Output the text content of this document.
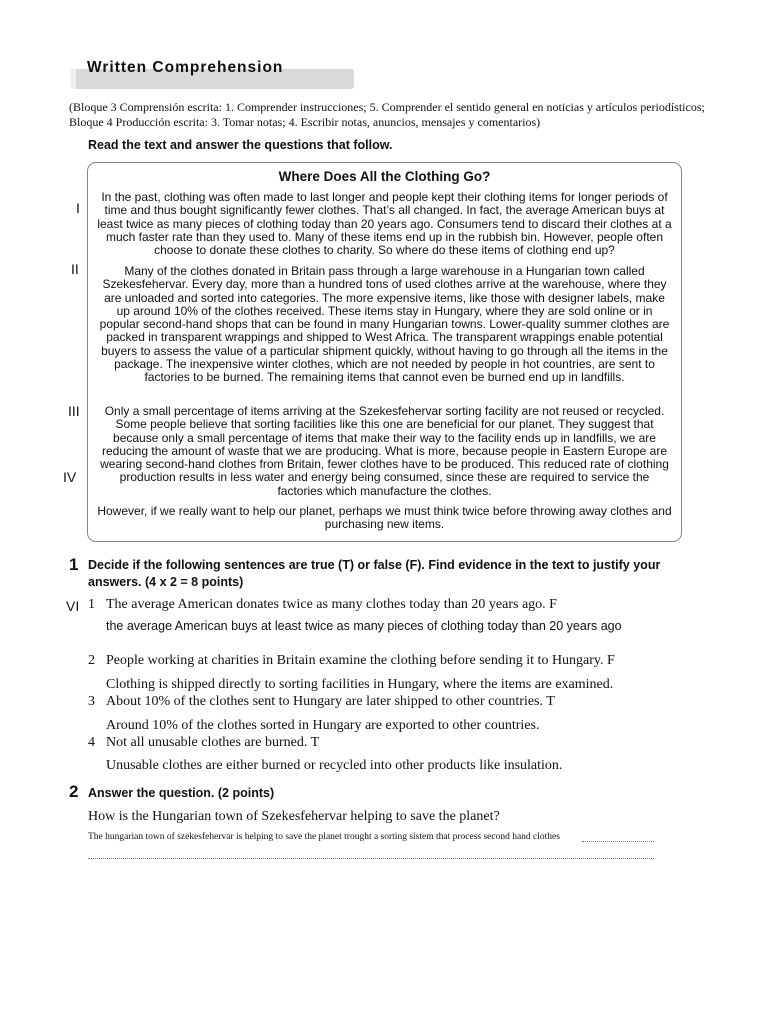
Written Comprehension
(Bloque 3 Comprensión escrita: 1. Comprender instrucciones; 5. Comprender el sentido general en noticias y artículos periodísticos; Bloque 4 Producción escrita: 3. Tomar notas; 4. Escribir notas, anuncios, mensajes y comentarios)
Read the text and answer the questions that follow.
Where Does All the Clothing Go?

In the past, clothing was often made to last longer and people kept their clothing items for longer periods of time and thus bought significantly fewer clothes. That’s all changed. In fact, the average American buys at least twice as many pieces of clothing today than 20 years ago. Consumers tend to discard their clothes at a much faster rate than they used to. Many of these items end up in the rubbish bin. However, people often choose to donate these clothes to charity. So where do these items of clothing end up?

Many of the clothes donated in Britain pass through a large warehouse in a Hungarian town called Szekesfehervar. Every day, more than a hundred tons of used clothes arrive at the warehouse, where they are unloaded and sorted into categories. The more expensive items, like those with designer labels, make up around 10% of the clothes received. These items stay in Hungary, where they are sold online or in popular second-hand shops that can be found in many Hungarian towns. Lower-quality summer clothes are packed in transparent wrappings and shipped to West Africa. The transparent wrappings enable potential buyers to assess the value of a particular shipment quickly, without having to go through all the items in the package. The inexpensive winter clothes, which are not needed by people in hot countries, are sent to factories to be burned. The remaining items that cannot even be burned end up in landfills.

Only a small percentage of items arriving at the Szekesfehervar sorting facility are not reused or recycled. Some people believe that sorting facilities like this one are beneficial for our planet. They suggest that because only a small percentage of items that make their way to the facility ends up in landfills, we are reducing the amount of waste that we are producing. What is more, because people in Eastern Europe are wearing second-hand clothes from Britain, fewer clothes have to be produced. This reduced rate of clothing production results in less water and energy being consumed, since these are required to service the factories which manufacture the clothes.

However, if we really want to help our planet, perhaps we must think twice before throwing away clothes and purchasing new items.

I
II
III
IV
VI
1 Decide if the following sentences are true (T) or false (F). Find evidence in the text to justify your answers. (4 x 2 = 8 points)
1 The average American donates twice as many clothes today than 20 years ago. F
the average American buys at least twice as many pieces of clothing today than 20 years ago
2 People working at charities in Britain examine the clothing before sending it to Hungary. F
Clothing is shipped directly to sorting facilities in Hungary, where the items are examined.
3 About 10% of the clothes sent to Hungary are later shipped to other countries. T
Around 10% of the clothes sorted in Hungary are exported to other countries.
4 Not all unusable clothes are burned. T
Unusable clothes are either burned or recycled into other products like insulation.
2 Answer the question. (2 points)
How is the Hungarian town of Szekesfehervar helping to save the planet?
The hungarian town of szekesfehervar is helping to save the planet trought a sorting sistem that process second hand clothes
